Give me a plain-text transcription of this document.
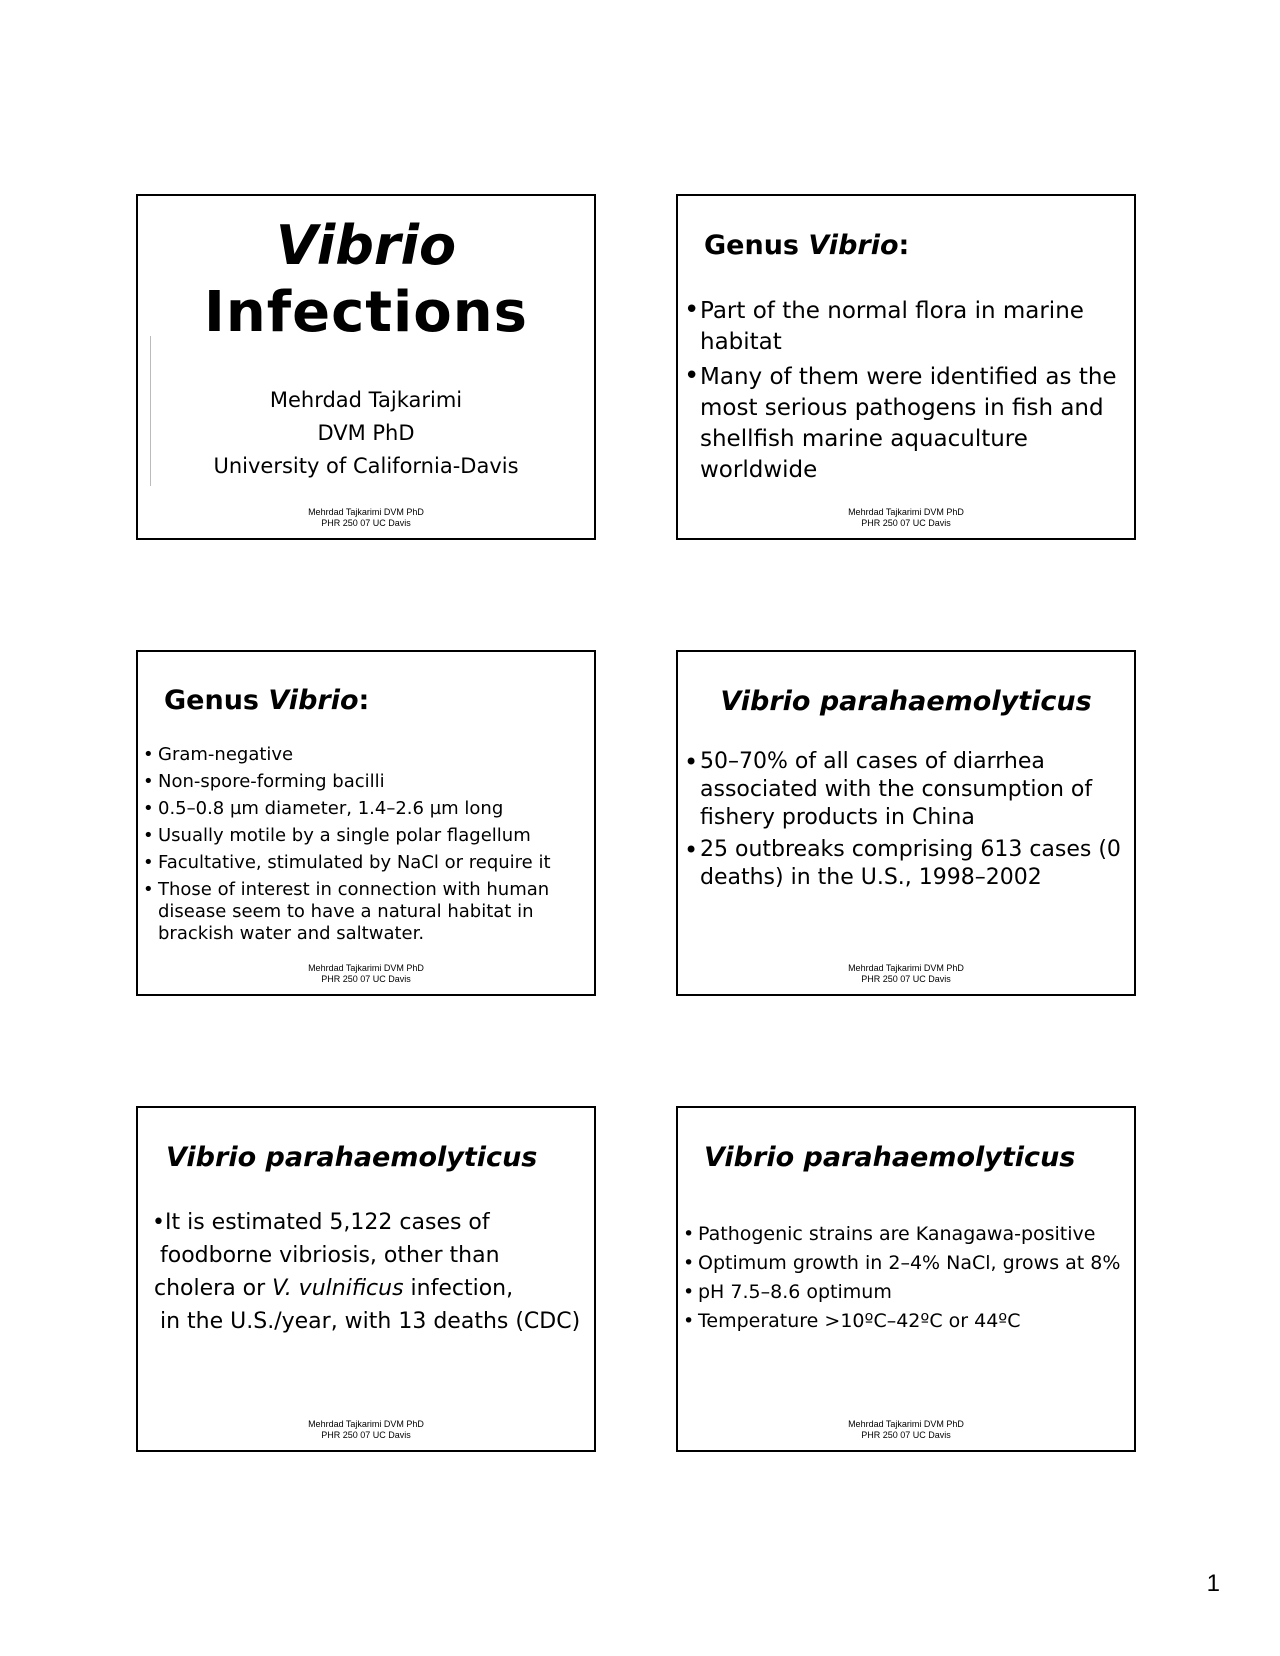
Vibrio
Infections
Mehrdad Tajkarimi
DVM PhD
University of California-Davis
Mehrdad Tajkarimi DVM PhD
PHR 250 07 UC Davis
Genus Vibrio:
• Part of the normal flora in marine habitat
• Many of them were identified as the most serious pathogens in fish and shellfish marine aquaculture worldwide
Mehrdad Tajkarimi DVM PhD
PHR 250 07 UC Davis
Genus Vibrio:
• Gram-negative
• Non-spore-forming bacilli
• 0.5–0.8 µm diameter, 1.4–2.6 µm long
• Usually motile by a single polar flagellum
• Facultative, stimulated by NaCl or require it
• Those of interest in connection with human disease seem to have a natural habitat in brackish water and saltwater.
Mehrdad Tajkarimi DVM PhD
PHR 250 07 UC Davis
Vibrio parahaemolyticus
• 50–70% of all cases of diarrhea associated with the consumption of fishery products in China
• 25 outbreaks comprising 613 cases (0 deaths) in the U.S., 1998–2002
Mehrdad Tajkarimi DVM PhD
PHR 250 07 UC Davis
Vibrio parahaemolyticus
•It is estimated 5,122 cases of
foodborne vibriosis, other than
cholera or V. vulnificus infection,
in the U.S./year, with 13 deaths (CDC)
Mehrdad Tajkarimi DVM PhD
PHR 250 07 UC Davis
Vibrio parahaemolyticus
• Pathogenic strains are Kanagawa-positive
• Optimum growth in 2–4% NaCl, grows at 8%
• pH 7.5–8.6 optimum
• Temperature >10ºC–42ºC or 44ºC
Mehrdad Tajkarimi DVM PhD
PHR 250 07 UC Davis
1
